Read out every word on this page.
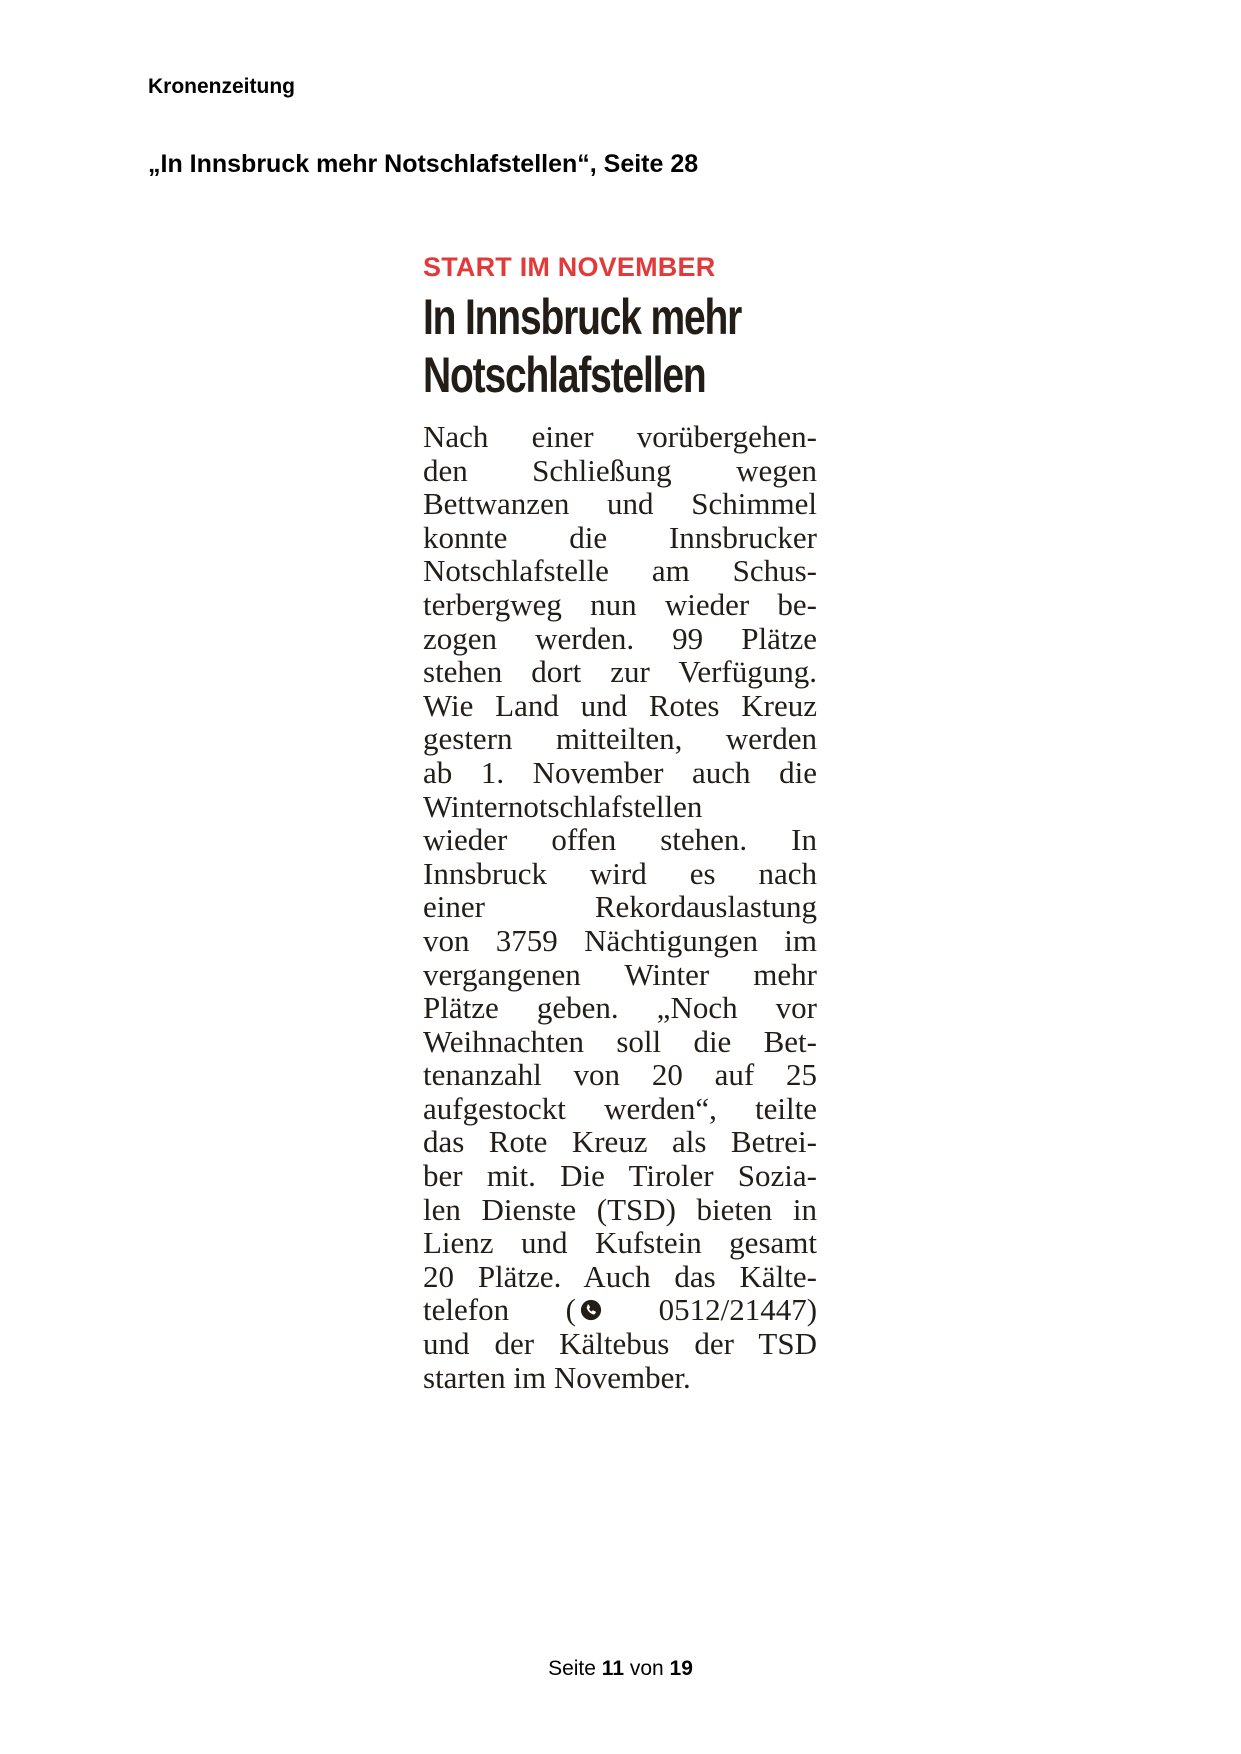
Kronenzeitung

„In Innsbruck mehr Notschlafstellen“, Seite 28

START IM NOVEMBER

In Innsbruck mehr
Notschlafstellen
Nach einer vorübergehen-
den Schließung wegen
Bettwanzen und Schimmel
konnte die Innsbrucker
Notschlafstelle am Schus-
terbergweg nun wieder be-
zogen werden. 99 Plätze
stehen dort zur Verfügung.
Wie Land und Rotes Kreuz
gestern mitteilten, werden
ab 1. November auch die
Winternotschlafstellen
wieder offen stehen. In
Innsbruck wird es nach
einer Rekordauslastung
von 3759 Nächtigungen im
vergangenen Winter mehr
Plätze geben. „Noch vor
Weihnachten soll die Bet-
tenanzahl von 20 auf 25
aufgestockt werden“, teilte
das Rote Kreuz als Betrei-
ber mit. Die Tiroler Sozia-
len Dienste (TSD) bieten in
Lienz und Kufstein gesamt
20 Plätze. Auch das Kälte-
telefon (	0512/21447)
und der Kältebus der TSD
starten im November.

Seite 11 von 19
